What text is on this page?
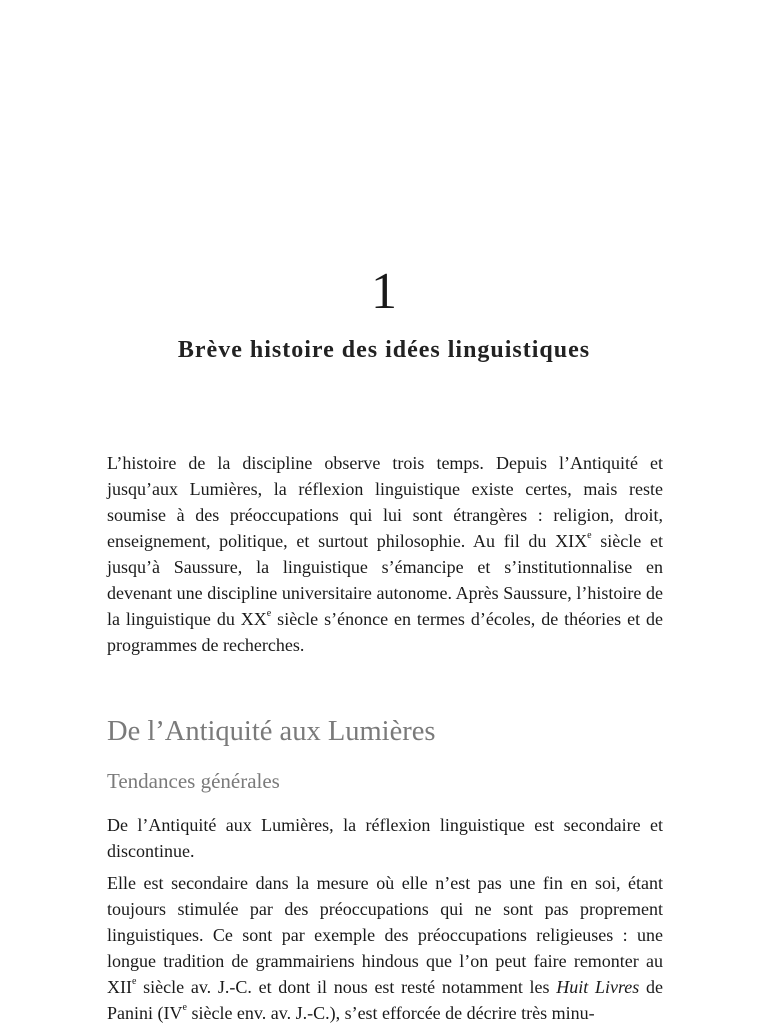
1
Brève histoire des idées linguistiques

L’histoire de la discipline observe trois temps. Depuis l’Antiquité et jusqu’aux Lumières, la réflexion linguistique existe certes, mais reste soumise à des préoccupations qui lui sont étrangères : religion, droit, enseignement, politique, et surtout philosophie. Au fil du XIXe siècle et jusqu’à Saussure, la linguistique s’émancipe et s’institutionnalise en devenant une discipline universitaire autonome. Après Saussure, l’histoire de la linguistique du XXe siècle s’énonce en termes d’écoles, de théories et de programmes de recherches.

De l’Antiquité aux Lumières
Tendances générales

De l’Antiquité aux Lumières, la réflexion linguistique est secondaire et discontinue.

Elle est secondaire dans la mesure où elle n’est pas une fin en soi, étant toujours stimulée par des préoccupations qui ne sont pas proprement linguistiques. Ce sont par exemple des préoccupations religieuses : une longue tradition de grammairiens hindous que l’on peut faire remonter au XIIe siècle av. J.-C. et dont il nous est resté notamment les Huit Livres de Panini (IVe siècle env. av. J.-C.), s’est efforcée de décrire très minu-
